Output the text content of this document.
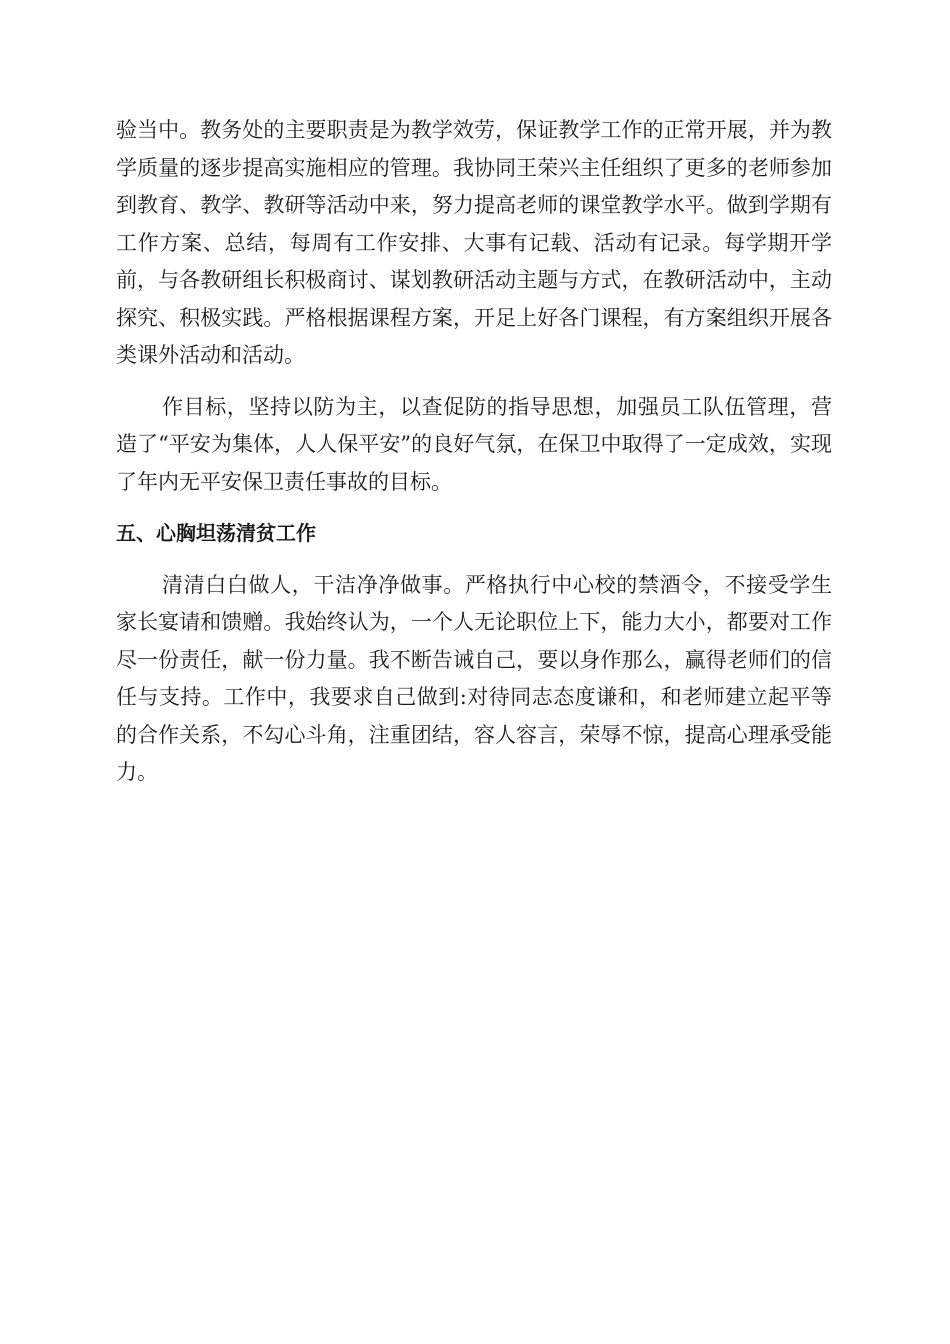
验当中。教务处的主要职责是为教学效劳，保证教学工作的正常开展，并为教学质量的逐步提高实施相应的管理。我协同王荣兴主任组织了更多的老师参加到教育、教学、教研等活动中来，努力提高老师的课堂教学水平。做到学期有工作方案、总结，每周有工作安排、大事有记载、活动有记录。每学期开学前，与各教研组长积极商讨、谋划教研活动主题与方式，在教研活动中，主动探究、积极实践。严格根据课程方案，开足上好各门课程，有方案组织开展各类课外活动和活动。

作目标，坚持以防为主，以查促防的指导思想，加强员工队伍管理，营造了“平安为集体，人人保平安”的良好气氛，在保卫中取得了一定成效，实现了年内无平安保卫责任事故的目标。

五、心胸坦荡清贫工作

清清白白做人，干洁净净做事。严格执行中心校的禁酒令，不接受学生家长宴请和馈赠。我始终认为，一个人无论职位上下，能力大小，都要对工作尽一份责任，献一份力量。我不断告诫自己，要以身作那么，赢得老师们的信任与支持。工作中，我要求自己做到:对待同志态度谦和，和老师建立起平等的合作关系，不勾心斗角，注重团结，容人容言，荣辱不惊，提高心理承受能力。
